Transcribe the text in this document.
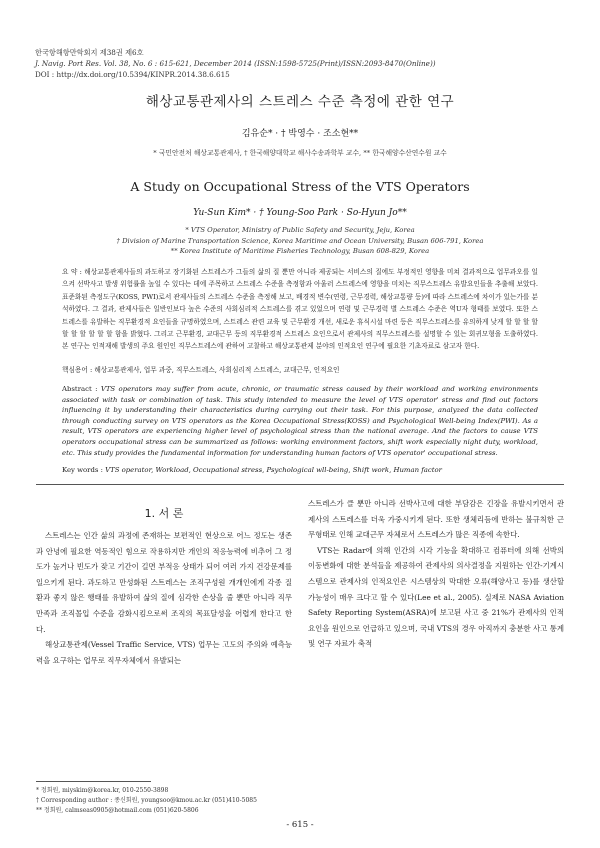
한국항해항만학회지 제38권 제6호
J. Navig. Port Res. Vol. 38, No. 6 : 615-621, December 2014 (ISSN:1598-5725(Print)/ISSN:2093-8470(Online))
DOI : http://dx.doi.org/10.5394/KINPR.2014.38.6.615
해상교통관제사의 스트레스 수준 측정에 관한 연구
김유순* · † 박영수 · 조소현**
* 국민안전처 해상교통관제사, † 한국해양대학교 해사수송과학부 교수, ** 한국해양수산연수원 교수
A Study on Occupational Stress of the VTS Operators
Yu-Sun Kim* · † Young-Soo Park · So-Hyun Jo**
* VTS Operator, Ministry of Public Safety and Security, Jeju, Korea
† Division of Marine Transportation Science, Korea Maritime and Ocean University, Busan 606-791, Korea
** Korea Institute of Maritime Fisheries Technology, Busan 608-829, Korea
요 약 : 해상교통관제사들의 과도하고 장기화된 스트레스가 그들의 삶의 질 뿐만 아니라 제공되는 서비스의 질에도 부정적인 영향을 미쳐 결과적으로 업무과오를 일으켜 선박사고 발생 위험률을 높일 수 있다는 데에 주목하고 스트레스 수준을 측정함과 아울러 스트레스에 영향을 미치는 직무스트레스 유발요인들을 추출해 보았다. 표준화된 측정도구(KOSS, PWI)로서 관제사들의 스트레스 수준을 측정해 보고, 배경적 변수(연령, 근무경력, 해상교통량 등)에 따라 스트레스에 차이가 있는가를 분석하였다. 그 결과, 관제사들은 일반인보다 높은 수준의 사회심리적 스트레스를 겪고 있었으며 연령 및 근무경력 별 스트레스 수준은 역U자 형태를 보였다. 또한 스트레스를 유발하는 직무환경적 요인들을 규명하였으며, 스트레스 관련 교육 및 근무환경 개선, 새로운 휴식시설 마련 등은 직무스트레스를 유의하게 낮게 할 할 할 할 할 할 할 할 할 할 함을 밝혔다. 그리고 근무환경, 교대근무 등의 직무환경적 스트레스 요인으로서 관제사의 직무스트레스를 설명할 수 있는 회귀모형을 도출하였다. 본 연구는 인적재해 발생의 주요 원인인 직무스트레스에 관하여 고찰하고 해상교통관제 분야의 인적요인 연구에 필요한 기초자료로 삼고자 한다.
핵심용어 : 해상교통관제사, 업무 과중, 직무스트레스, 사회심리적 스트레스, 교대근무, 인적요인
Abstract : VTS operators may suffer from acute, chronic, or traumatic stress caused by their workload and working environments associated with task or combination of task. This study intended to measure the level of VTS operator' stress and find out factors influencing it by understanding their characteristics during carrying out their task. For this purpose, analyzed the data collected through conducting survey on VTS operators as the Korea Occupational Stress(KOSS) and Psychological Well-being Index(PWI). As a result, VTS operators are experiencing higher level of psychological stress than the national average. And the factors to cause VTS operators occupational stress can be summarized as follows: working environment factors, shift work especially night duty, workload, etc. This study provides the fundamental information for understanding human factors of VTS operator' occupational stress.
Key words : VTS operator, Workload, Occupational stress, Psychological wll-being, Shift work, Human factor
1. 서 론

스트레스는 인간 삶의 과정에 존재하는 보편적인 현상으로 어느 정도는 생존과 안녕에 필요한 역동적인 힘으로 작용하지만 개인의 적응능력에 비추어 그 정도가 높거나 빈도가 잦고 기간이 길면 부적응 상태가 되어 여러 가지 건강문제를 일으키게 된다. 과도하고 만성화된 스트레스는 조직구성원 개개인에게 각종 질환과 좋지 않은 행태를 유발하여 삶의 질에 심각한 손상을 줄 뿐만 아니라 직무만족과 조직몰입 수준을 감화시킴으로써 조직의 목표달성을 어렵게 한다고 한다.

해상교통관제(Vessel Traffic Service, VTS) 업무는 고도의 주의와 예측능력을 요구하는 업무로 직무자체에서 유발되는

스트레스가 클 뿐만 아니라 선박사고에 대한 부담감은 긴장을 유발시키면서 관제사의 스트레스를 더욱 가중시키게 된다. 또한 생체리듬에 반하는 불규칙한 근무형태로 인해 교대근무 자체로서 스트레스가 많은 직종에 속한다.

VTS는 Radar에 의해 인간의 시각 기능을 확대하고 컴퓨터에 의해 선박의 이동변화에 대한 분석들을 제공하여 관제사의 의사결정을 지원하는 인간-기계시스템으로 관제사의 인적요인은 시스템상의 막대한 오류(해양사고 등)를 생산할 가능성이 매우 크다고 할 수 있다(Lee et al., 2005). 실제로 NASA Aviation Safety Reporting System(ASRA)에 보고된 사고 중 21%가 관제사의 인적요인을 원인으로 언급하고 있으며, 국내 VTS의 경우 아직까지 충분한 사고 통계 및 연구 자료가 축적

* 정회원, miyskim@korea.kr, 010-2550-3898
† Corresponding author : 종신회원, youngsoo@kmou.ac.kr (051)410-5085
** 정회원, calmseas0905@hotmail.com (051)620-5806
- 615 -
